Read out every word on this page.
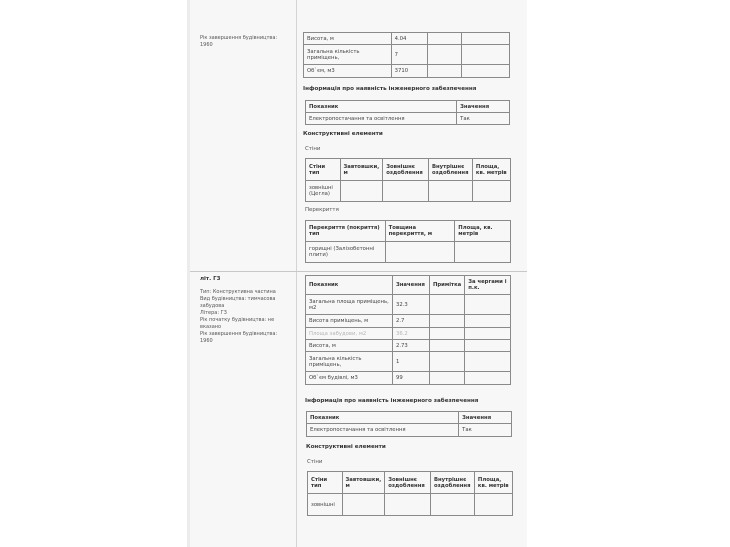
Рік завершення будівництва:
1960
Висота, м	4.04		
Загальна кількість приміщень,	7		
Об`єм, м3	3710		
Інформація про наявність інженерного забезпечення
Показник	Значення
Електропостачання та освітлення	Так
Конструктивні елементи
Стіни
Стіни тип	Завтовшки, м	Зовнішнє оздоблення	Внутрішнє оздоблення	Площа, кв. метрів
зовнішні (Цегла)				
Перекриття
Перекриття (покриття) тип	Товщина перекриття, м	Площа, кв. метрів
горищні (Залізобетонні плити)		
літ. Г3
Тип: Конструктивна частина
Вид будівництва: тимчасова
забудова
Літера: Г3
Рік початку будівництва: не
вказано
Рік завершення будівництва:
1960
Показник	Значення	Примітка	За чергами і п.к.
Загальна площа приміщень, м2	32.3		
Висота приміщень, м	2.7		
Площа забудови, м2	36.2		
Висота, м	2.73		
Загальна кількість приміщень,	1		
Об`єм будівлі, м3	99		
Інформація про наявність інженерного забезпечення
Показник	Значення
Електропостачання та освітлення	Так
Конструктивні елементи
Стіни
Стіни тип	Завтовшки, м	Зовнішнє оздоблення	Внутрішнє оздоблення	Площа, кв. метрів
зовнішні				
